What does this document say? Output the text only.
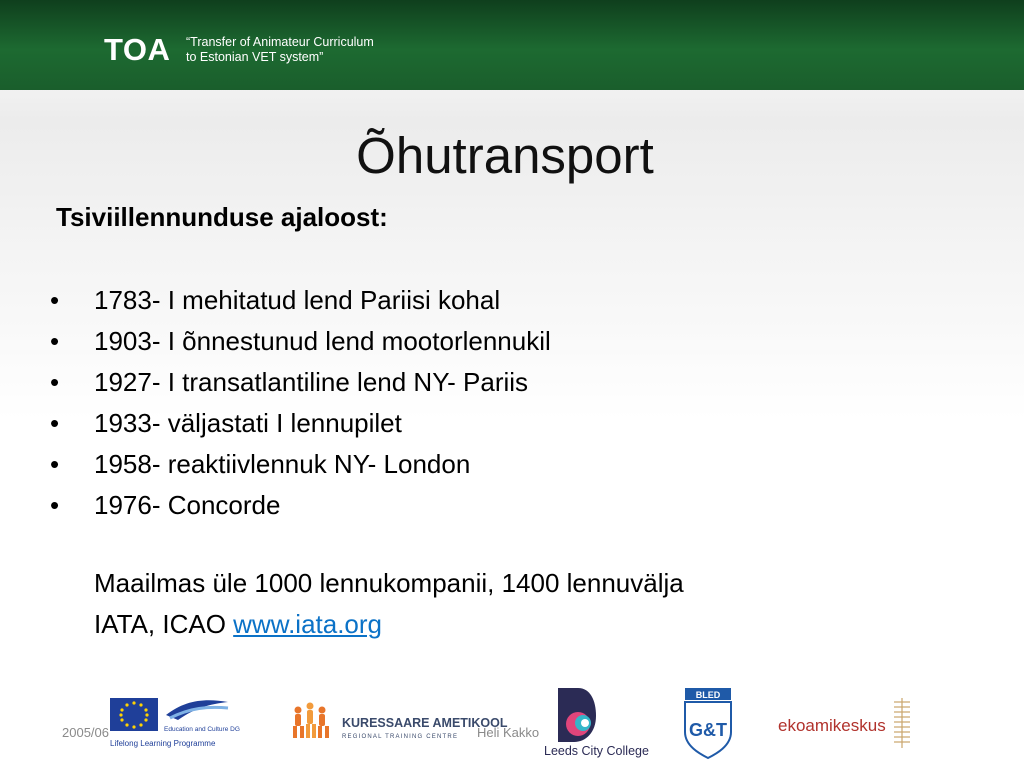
TOA “Transfer of Animateur Curriculum
to Estonian VET system”
Õhutransport
Tsiviillennunduse ajaloost:
• 1783- I mehitatud lend Pariisi kohal
• 1903- I õnnestunud lend mootorlennukil
• 1927- I transatlantiline lend NY- Pariis
• 1933- väljastati I lennupilet
• 1958- reaktiivlennuk NY- London
• 1976- Concorde
Maailmas üle 1000 lennukompanii, 1400 lennuvälja
IATA, ICAO www.iata.org
Education and Culture DG
Lifelong Learning Programme
KURESSAARE AMETIKOOL
REGIONAL TRAINING CENTRE
Leeds City College
BLED
G&T	ekoamikeskus
2005/06	Heli Kakko
